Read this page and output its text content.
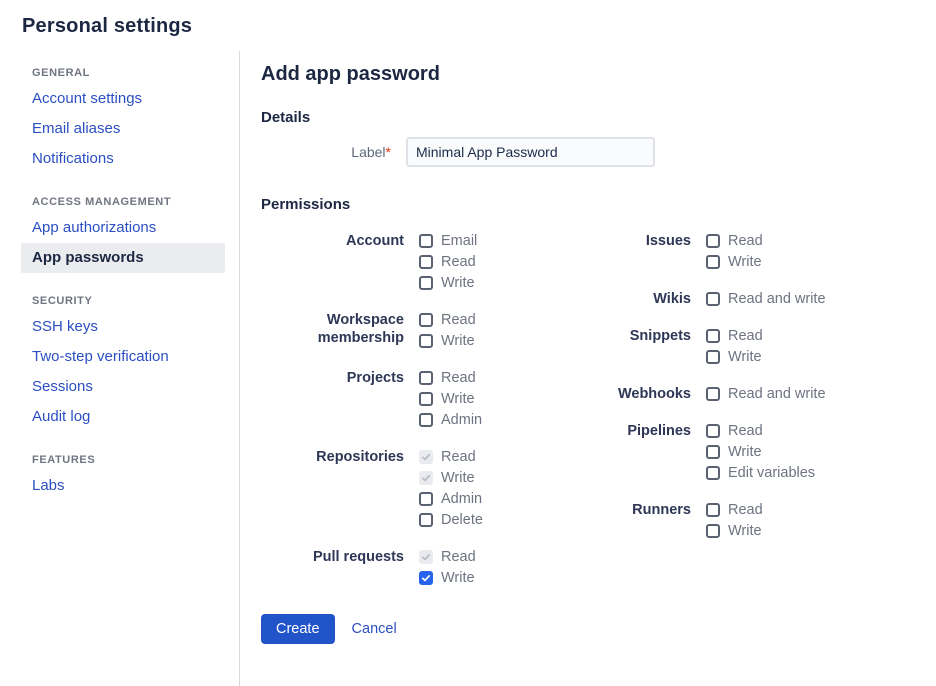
Personal settings
GENERAL
Account settings
Email aliases
Notifications
ACCESS MANAGEMENT
App authorizations
App passwords
SECURITY
SSH keys
Two-step verification
Sessions
Audit log
FEATURES
Labs
Add app password
Details
Label*
Minimal App Password
Permissions
Account	Email
Read
Write
Workspace membership
Read
Write
Projects	Read
Write
Admin
Repositories	Read
Write
Admin
Delete
Pull requests	Read
Write
Issues	Read
Write
Wikis	Read and write
Snippets	Read
Write
Webhooks	Read and write
Pipelines	Read
Write
Edit variables
Runners	Read
Write
Create	Cancel
